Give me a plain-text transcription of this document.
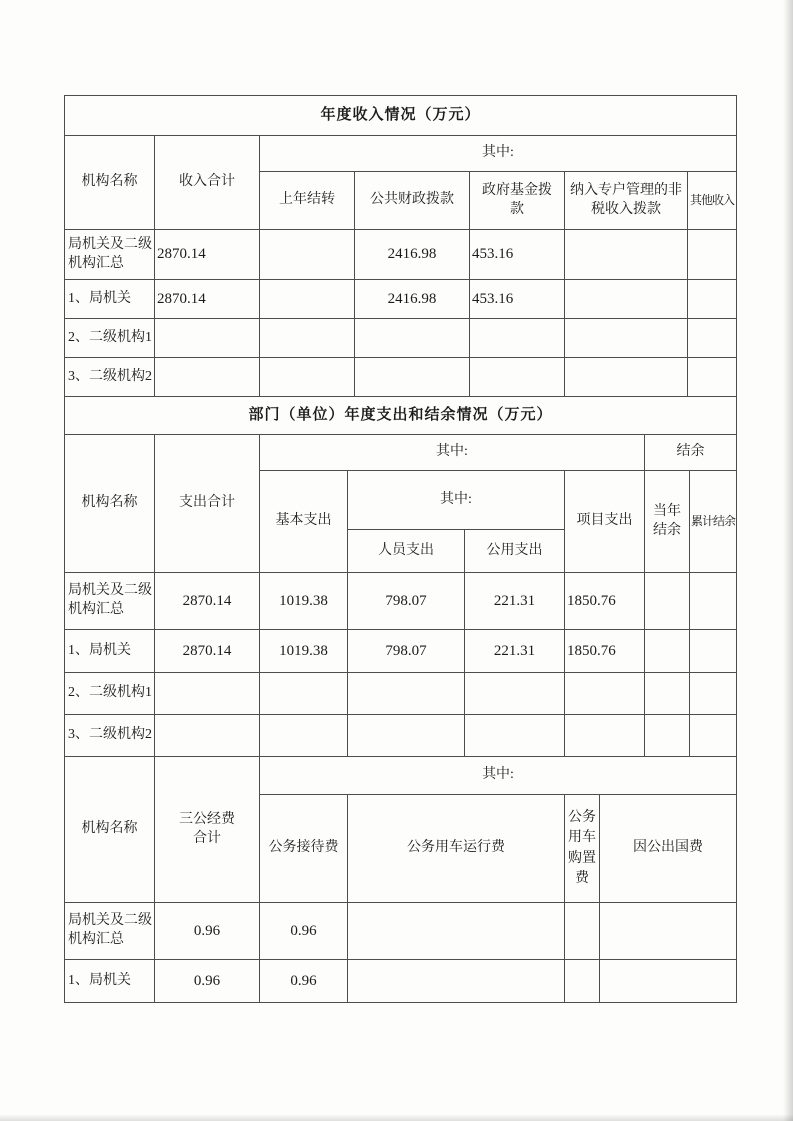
年度收入情况（万元）						
机构名称	收入合计	其中:				
		上年结转	公共财政拨款	政府基金拨款	纳入专户管理的非税收入拨款	其他收入
局机关及二级机构汇总	2870.14		2416.98	453.16		
1、局机关	2870.14		2416.98	453.16		
2、二级机构1						
3、二级机构2						
部门（单位）年度支出和结余情况（万元）							
机构名称	支出合计	其中:				结余	
		基本支出	其中:		项目支出	当年结余	累计结余
			人员支出	公用支出			
局机关及二级机构汇总	2870.14	1019.38	798.07	221.31	1850.76		
1、局机关	2870.14	1019.38	798.07	221.31	1850.76		
2、二级机构1							
3、二级机构2							
机构名称	三公经费合计	其中:			
		公务接待费	公务用车运行费	公务用车购置费	因公出国费
局机关及二级机构汇总	0.96	0.96			
1、局机关	0.96	0.96			
